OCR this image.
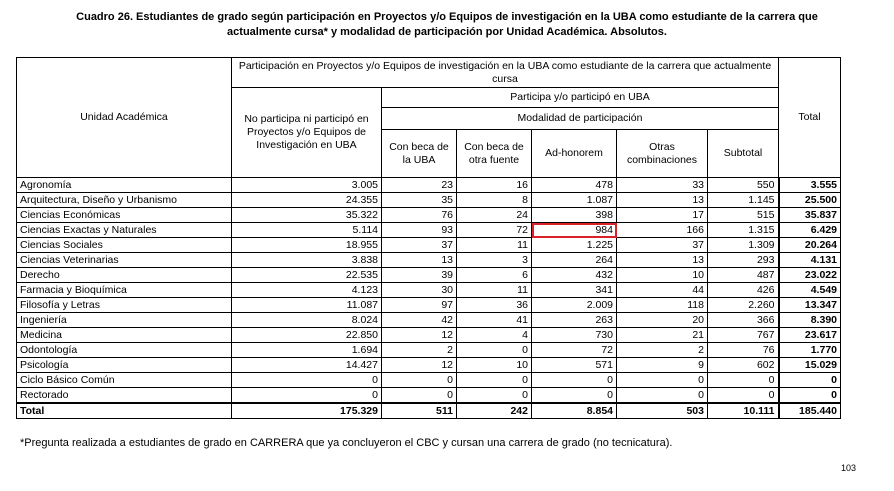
Cuadro 26. Estudiantes de grado según participación en Proyectos y/o Equipos de investigación en la UBA como estudiante de la carrera que
actualmente cursa* y modalidad de participación por Unidad Académica. Absolutos.
Unidad Académica	Participación en Proyectos y/o Equipos de investigación en la UBA como estudiante de la carrera que actualmente cursa						Total
	No participa ni participó en Proyectos y/o Equipos de Investigación en UBA	Participa y/o participó en UBA					
		Modalidad de participación					
		Con beca de la UBA	Con beca de otra fuente	Ad-honorem	Otras combinaciones	Subtotal	
Agronomía	3.005	23	16	478	33	550	3.555
Arquitectura, Diseño y Urbanismo	24.355	35	8	1.087	13	1.145	25.500
Ciencias Económicas	35.322	76	24	398	17	515	35.837
Ciencias Exactas y Naturales	5.114	93	72	984	166	1.315	6.429
Ciencias Sociales	18.955	37	11	1.225	37	1.309	20.264
Ciencias Veterinarias	3.838	13	3	264	13	293	4.131
Derecho	22.535	39	6	432	10	487	23.022
Farmacia y Bioquímica	4.123	30	11	341	44	426	4.549
Filosofía y Letras	11.087	97	36	2.009	118	2.260	13.347
Ingeniería	8.024	42	41	263	20	366	8.390
Medicina	22.850	12	4	730	21	767	23.617
Odontología	1.694	2	0	72	2	76	1.770
Psicología	14.427	12	10	571	9	602	15.029
Ciclo Básico Común	0	0	0	0	0	0	0
Rectorado	0	0	0	0	0	0	0
Total	175.329	511	242	8.854	503	10.111	185.440
*Pregunta realizada a estudiantes de grado en CARRERA que ya concluyeron el CBC y cursan una carrera de grado (no tecnicatura).
103
